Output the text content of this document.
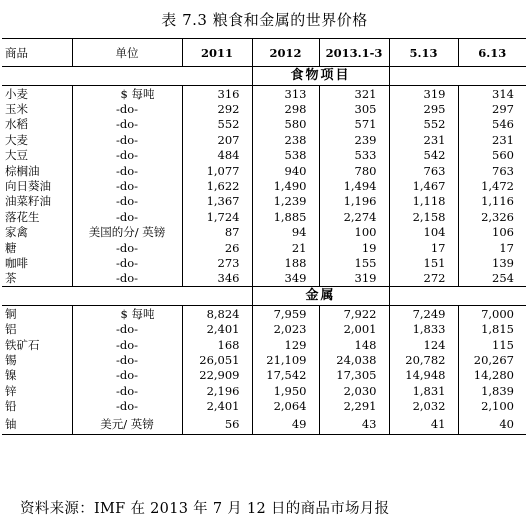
表 7.3 粮食和金属的世界价格
商品	单位	2011	2012	2013.1-3	5.13	6.13
			食物项目			
小麦	$ 每吨	316	313	321	319	314
玉米	-do-	292	298	305	295	297
水稻	-do-	552	580	571	552	546
大麦	-do-	207	238	239	231	231
大豆	-do-	484	538	533	542	560
棕榈油	-do-	1,077	940	780	763	763
向日葵油	-do-	1,622	1,490	1,494	1,467	1,472
油菜籽油	-do-	1,367	1,239	1,196	1,118	1,116
落花生	-do-	1,724	1,885	2,274	2,158	2,326
家禽	美国的分/ 英镑	87	94	100	104	106
糖	-do-	26	21	19	17	17
咖啡	-do-	273	188	155	151	139
茶	-do-	346	349	319	272	254
			金属			
铜	$ 每吨	8,824	7,959	7,922	7,249	7,000
铝	-do-	2,401	2,023	2,001	1,833	1,815
铁矿石	-do-	168	129	148	124	115
锡	-do-	26,051	21,109	24,038	20,782	20,267
镍	-do-	22,909	17,542	17,305	14,948	14,280
锌	-do-	2,196	1,950	2,030	1,831	1,839
铅	-do-	2,401	2,064	2,291	2,032	2,100
铀	美元/ 英镑	56	49	43	41	40
资料来源：IMF 在 2013 年 7 月 12 日的商品市场月报
